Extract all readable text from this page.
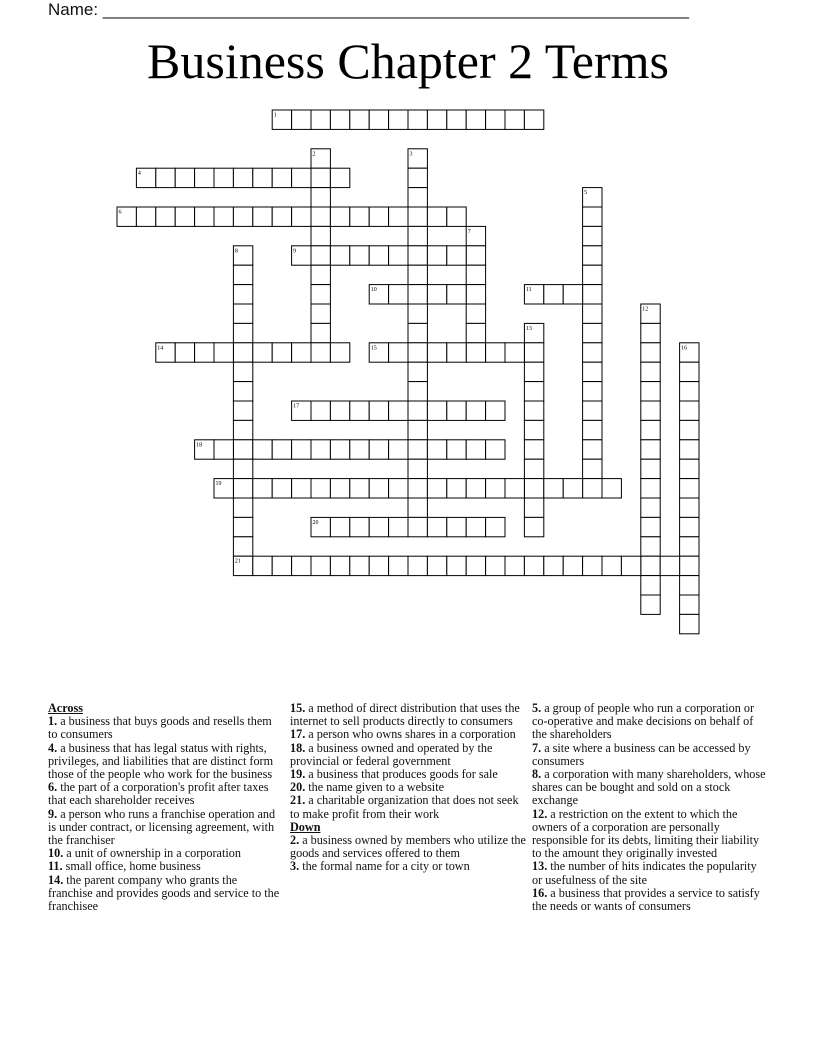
Name: ______________________________________________________________
Business Chapter 2 Terms
1
2	3
4
5
6
7
8	9
10	11
12
13
14	15	16
17
18
19
20
21
Across
1. a business that buys goods and resells them to consumers
4. a business that has legal status with rights, privileges, and liabilities that are distinct form those of the people who work for the business
6. the part of a corporation's profit after taxes that each shareholder receives
9. a person who runs a franchise operation and is under contract, or licensing agreement, with the franchiser
10. a unit of ownership in a corporation
11. small office, home business
14. the parent company who grants the franchise and provides goods and service to the franchisee
15. a method of direct distribution that uses the internet to sell products directly to consumers
17. a person who owns shares in a corporation
18. a business owned and operated by the provincial or federal government
19. a business that produces goods for sale
20. the name given to a website
21. a charitable organization that does not seek to make profit from their work
Down
2. a business owned by members who utilize the goods and services offered to them
3. the formal name for a city or town
5. a group of people who run a corporation or co-operative and make decisions on behalf of the shareholders
7. a site where a business can be accessed by consumers
8. a corporation with many shareholders, whose shares can be bought and sold on a stock exchange
12. a restriction on the extent to which the owners of a corporation are personally responsible for its debts, limiting their liability to the amount they originally invested
13. the number of hits indicates the popularity or usefulness of the site
16. a business that provides a service to satisfy the needs or wants of consumers
